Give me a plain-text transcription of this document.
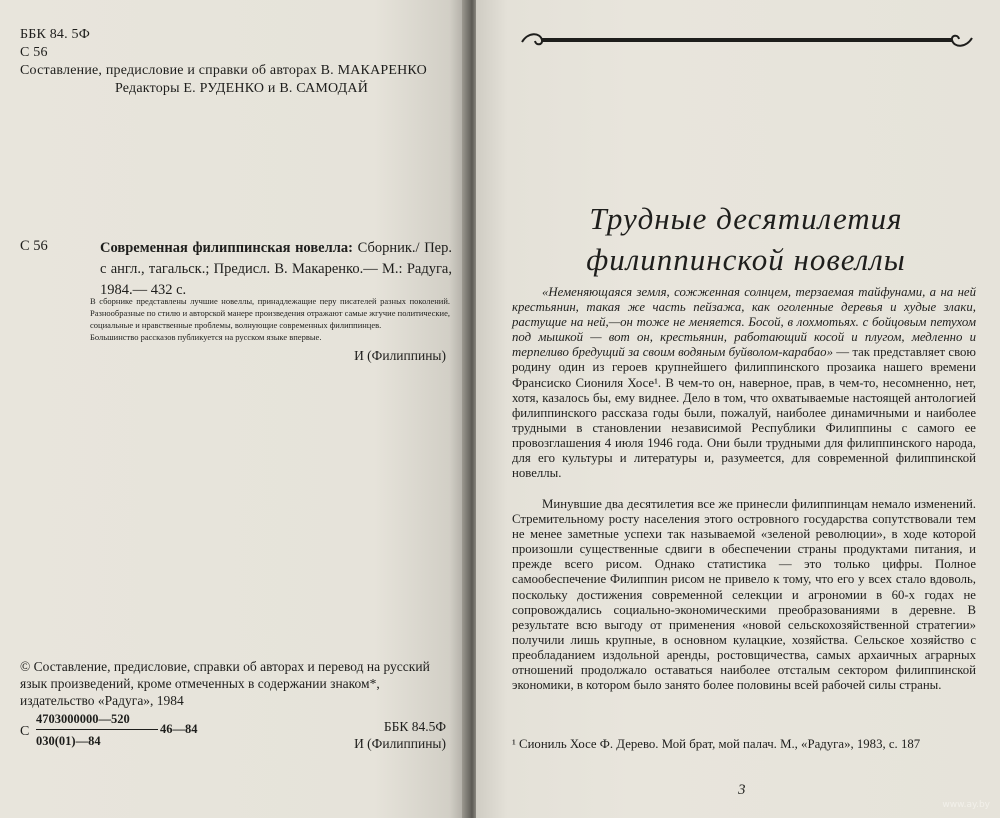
ББК 84. 5Ф
С 56
Составление, предисловие и справки об авторах В. МАКАРЕНКО
Редакторы Е. РУДЕНКО и В. САМОДАЙ
С 56	Современная филиппинская новелла: Сборник./ Пер. с англ., тагальск.; Предисл. В. Макаренко.— М.: Радуга, 1984.— 432 с.

В сборнике представлены лучшие новеллы, принадлежащие перу писателей разных поколений. Разнообразные по стилю и авторской манере произведения отражают самые жгучие политические, социальные и нравственные проблемы, волнующие современных филиппинцев.

Большинство рассказов публикуется на русском языке впервые.

И (Филиппины)
© Составление, предисловие, справки об авторах и перевод на русский язык произведений, кроме отмеченных в содержании знаком*, издательство «Радуга», 1984
С
4703000000—520
46—84
030(01)—84
ББК 84.5Ф
И (Филиппины)
Трудные десятилетия
филиппинской новеллы

«Неменяющаяся земля, сожженная солнцем, терзаемая тайфунами, а на ней крестьянин, такая же часть пейзажа, как оголенные деревья и худые злаки, растущие на ней,—он тоже не меняется. Босой, в лохмотьях. с бойцовым петухом под мышкой — вот он, крестьянин, работающий косой и плугом, медленно и терпеливо бредущий за своим водяным буйволом-карабао» — так представляет свою родину один из героев крупнейшего филиппинского прозаика нашего времени Франсиско Сиониля Хосе¹. В чем-то он, наверное, прав, в чем-то, несомненно, нет, хотя, казалось бы, ему виднее. Дело в том, что охватываемые настоящей антологией филиппинского рассказа годы были, пожалуй, наиболее динамичными и наиболее трудными в становлении независимой Республики Филиппины с самого ее провозглашения 4 июля 1946 года. Они были трудными для филиппинского народа, для его культуры и литературы и, разумеется, для современной филиппинской новеллы.

Минувшие два десятилетия все же принесли филиппинцам немало изменений. Стремительному росту населения этого островного государства сопутствовали тем не менее заметные успехи так называемой «зеленой революции», в ходе которой произошли существенные сдвиги в обеспечении страны продуктами питания, и прежде всего рисом. Однако статистика — это только цифры. Полное самообеспечение Филиппин рисом не привело к тому, что его у всех стало вдоволь, поскольку достижения современной селекции и агрономии в 60-х годах не сопровождались социально-экономическими преобразованиями в деревне. В результате всю выгоду от применения «новой сельскохозяйственной стратегии» получили лишь крупные, в основном кулацкие, хозяйства. Сельское хозяйство с преобладанием издольной аренды, ростовщичества, самых архаичных аграрных отношений продолжало оставаться наиболее отсталым сектором филиппинской экономики, в котором было занято более половины всей рабочей силы страны.

¹ Сиониль Хосе Ф. Дерево. Мой брат, мой палач. М., «Радуга», 1983, с. 187
3
www.ay.by
